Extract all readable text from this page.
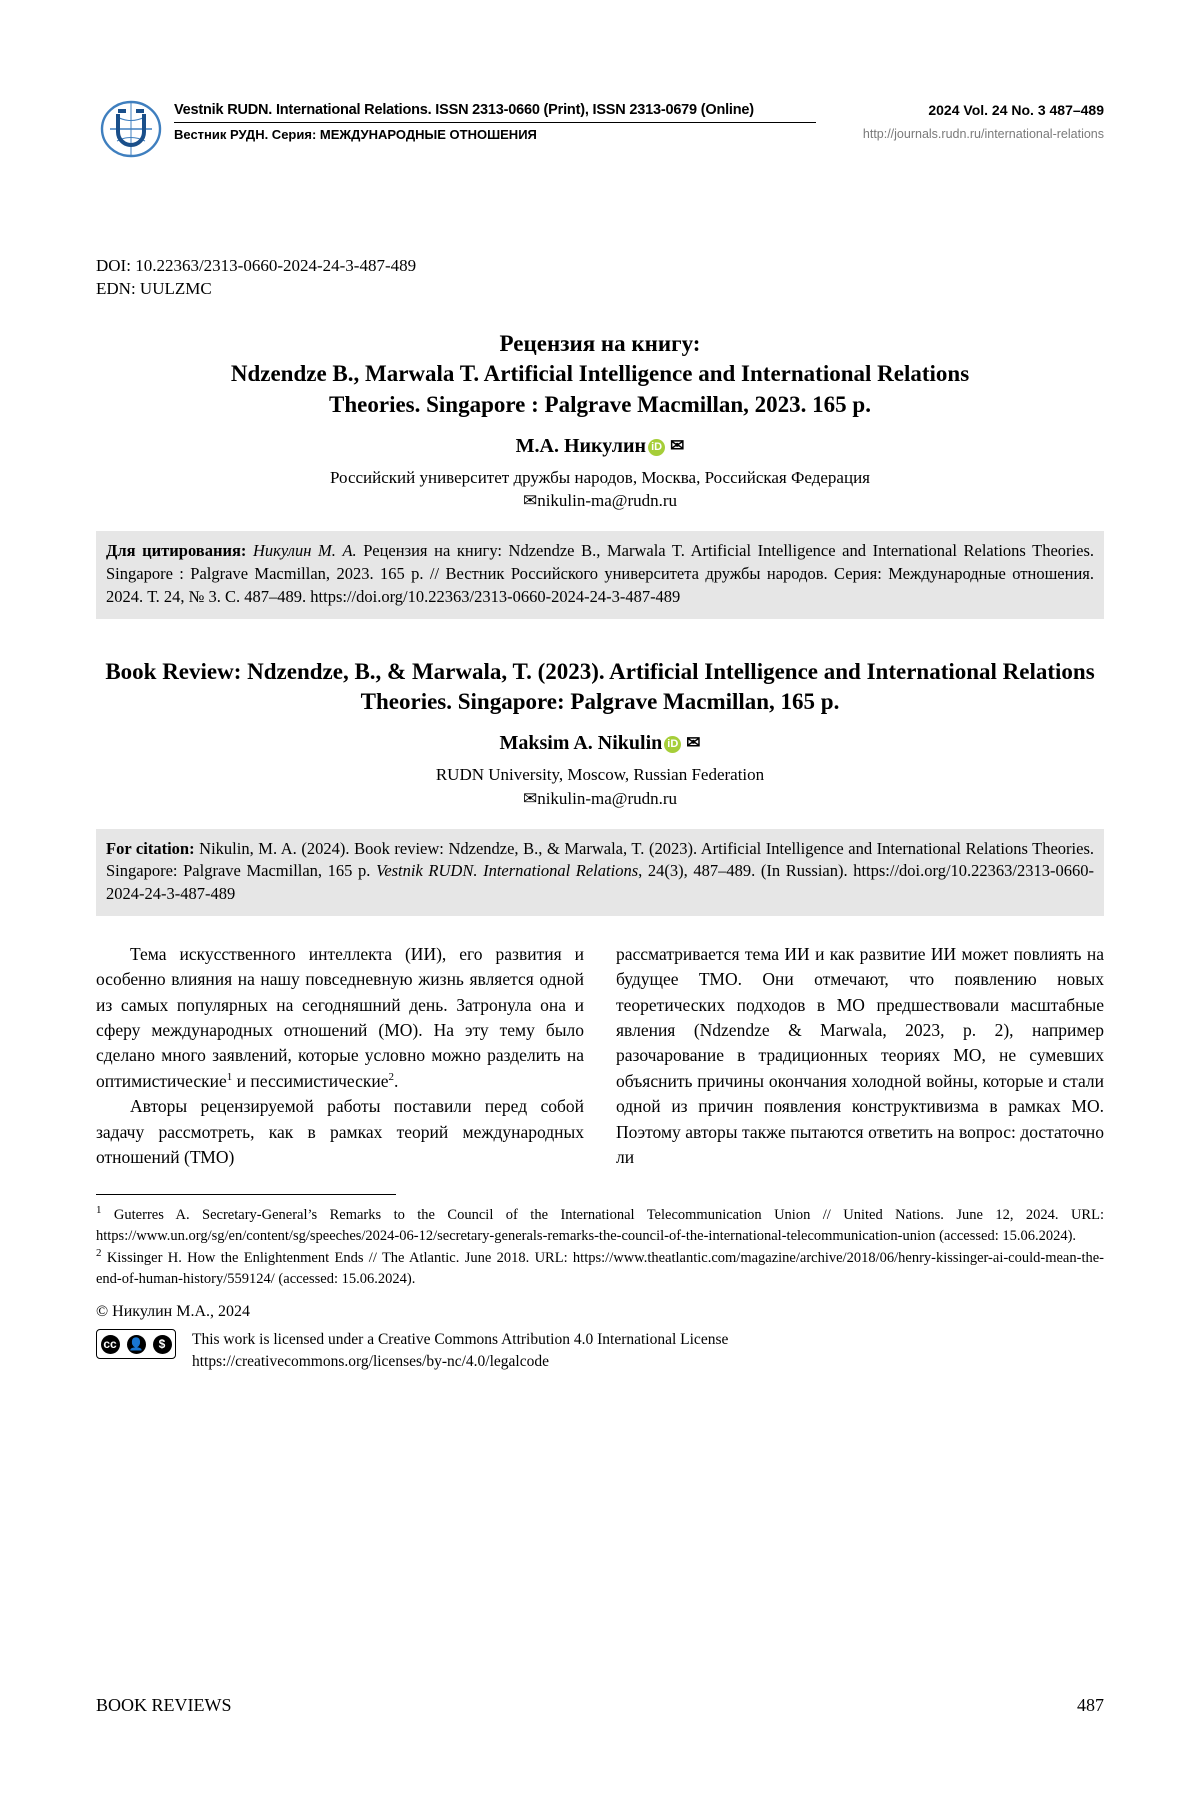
Vestnik RUDN. International Relations. ISSN 2313-0660 (Print), ISSN 2313-0679 (Online)
Вестник РУДН. Серия: МЕЖДУНАРОДНЫЕ ОТНОШЕНИЯ
2024 Vol. 24 No. 3 487–489
http://journals.rudn.ru/international-relations
DOI: 10.22363/2313-0660-2024-24-3-487-489
EDN: UULZMC
Рецензия на книгу:
Ndzendze B., Marwala T. Artificial Intelligence and International Relations
Theories. Singapore : Palgrave Macmillan, 2023. 165 p.
М.А. Никулин iD ✉
Российский университет дружбы народов, Москва, Российская Федерация
✉nikulin-ma@rudn.ru
Для цитирования: Никулин М. А. Рецензия на книгу: Ndzendze B., Marwala T. Artificial Intelligence and International Relations Theories. Singapore : Palgrave Macmillan, 2023. 165 p. // Вестник Российского университета дружбы народов. Серия: Международные отношения. 2024. Т. 24, № 3. С. 487–489. https://doi.org/10.22363/2313-0660-2024-24-3-487-489
Book Review: Ndzendze, B., & Marwala, T. (2023). Artificial Intelligence and International Relations Theories. Singapore: Palgrave Macmillan, 165 p.
Maksim A. Nikulin iD ✉
RUDN University, Moscow, Russian Federation
✉nikulin-ma@rudn.ru
For citation: Nikulin, M. A. (2024). Book review: Ndzendze, B., & Marwala, T. (2023). Artificial Intelligence and International Relations Theories. Singapore: Palgrave Macmillan, 165 p. Vestnik RUDN. International Relations, 24(3), 487–489. (In Russian). https://doi.org/10.22363/2313-0660-2024-24-3-487-489

Тема искусственного интеллекта (ИИ), его развития и особенно влияния на нашу повседневную жизнь является одной из самых популярных на сегодняшний день. Затронула она и сферу международных отношений (МО). На эту тему было сделано много заявлений, которые условно можно разделить на оптимистические$^1$ и пессимистические$^2$.

Авторы рецензируемой работы поставили перед собой задачу рассмотреть, как в рамках теорий международных отношений (ТМО)

рассматривается тема ИИ и как развитие ИИ может повлиять на будущее ТМО. Они отмечают, что появлению новых теоретических подходов в МО предшествовали масштабные явления (Ndzendze & Marwala, 2023, p. 2), например разочарование в традиционных теориях МО, не сумевших объяснить причины окончания холодной войны, которые и стали одной из причин появления конструктивизма в рамках МО. Поэтому авторы также пытаются ответить на вопрос: достаточно ли

$^1$ Guterres A. Secretary-General’s Remarks to the Council of the International Telecommunication Union // United Nations. June 12, 2024. URL: https://www.un.org/sg/en/content/sg/speeches/2024-06-12/secretary-generals-remarks-the-council-of-the-international-telecommunication-union (accessed: 15.06.2024).

$^2$ Kissinger H. How the Enlightenment Ends // The Atlantic. June 2018. URL: https://www.theatlantic.com/magazine/archive/2018/06/henry-kissinger-ai-could-mean-the-end-of-human-history/559124/ (accessed: 15.06.2024).

© Никулин М.А., 2024
cc 👤	$	This work is licensed under a Creative Commons Attribution 4.0 International License
https://creativecommons.org/licenses/by-nc/4.0/legalcode
BOOK REVIEWS	487
